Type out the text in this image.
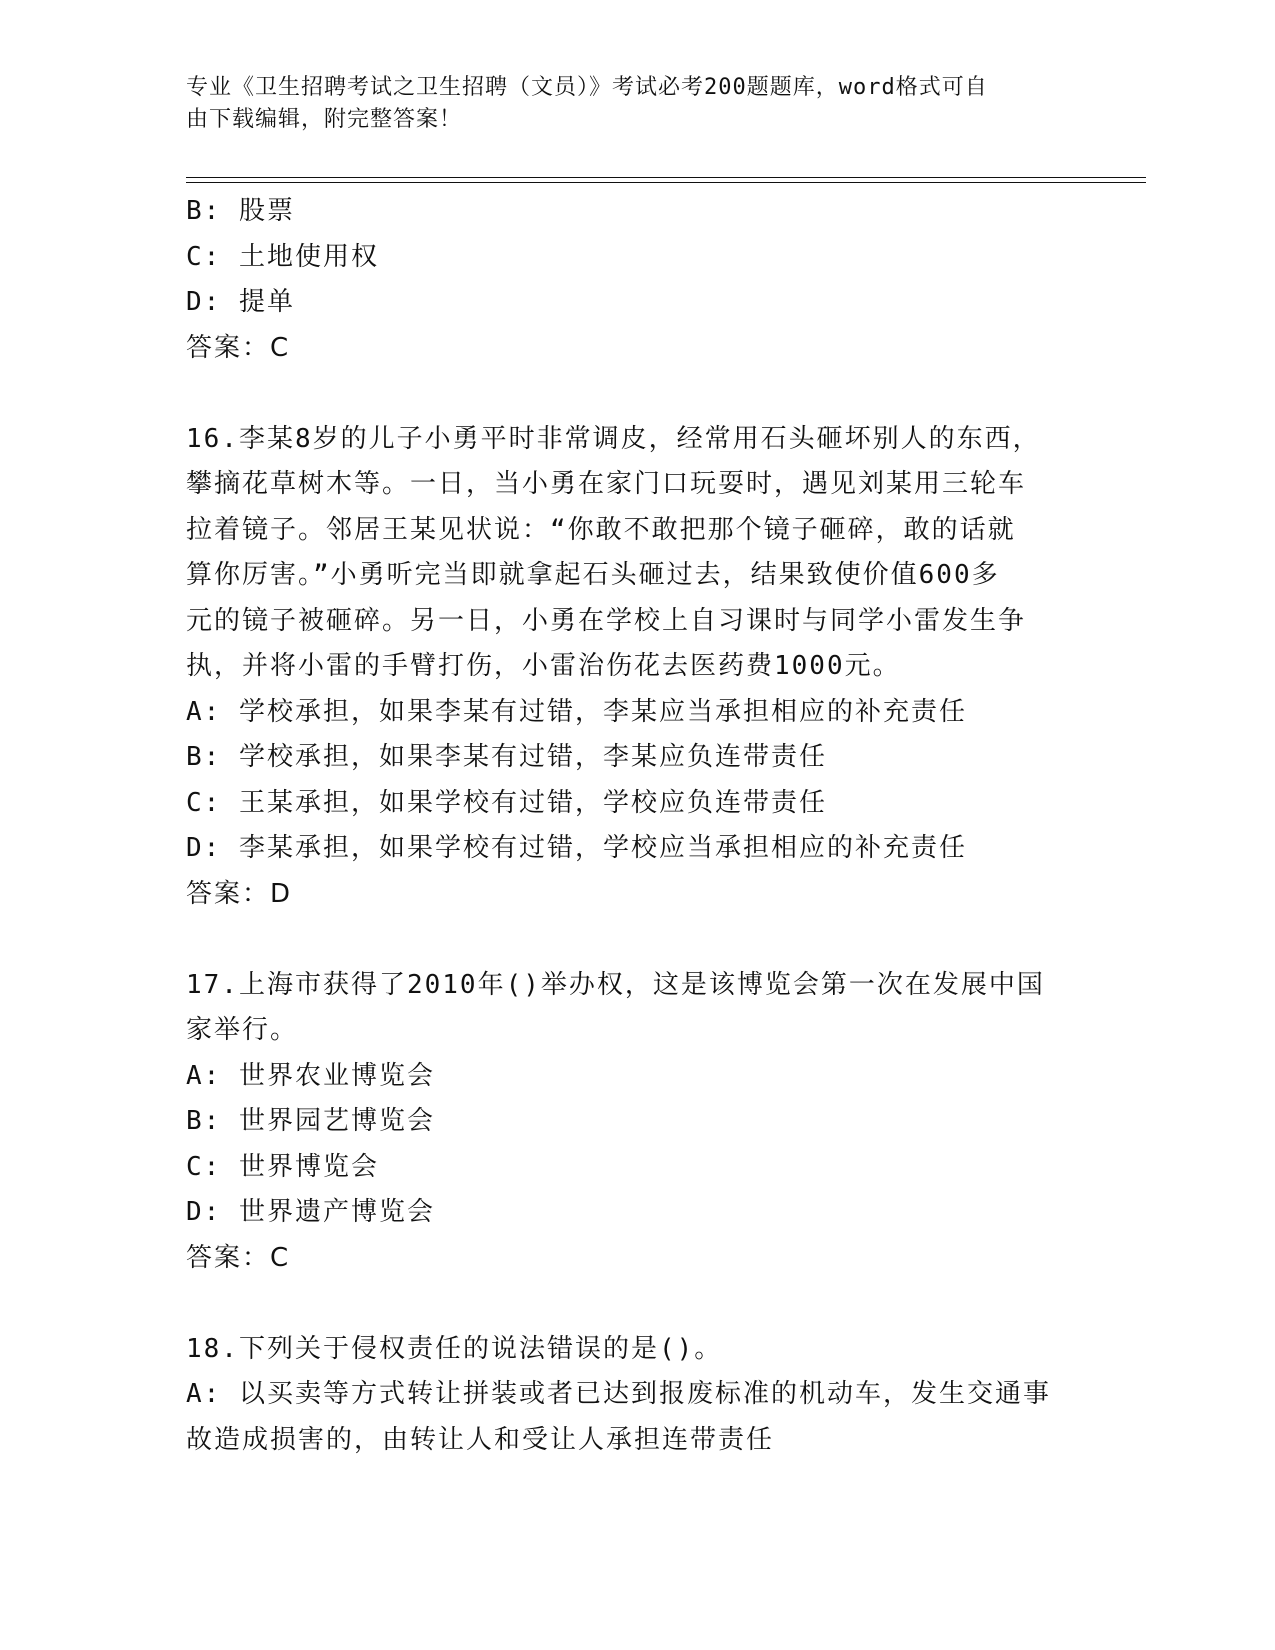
专业《卫生招聘考试之卫生招聘（文员）》考试必考200题题库，word格式可自
由下载编辑，附完整答案！
B: 股票
C: 土地使用权
D: 提单
答案：C
16.李某8岁的儿子小勇平时非常调皮，经常用石头砸坏别人的东西，
攀摘花草树木等。一日，当小勇在家门口玩耍时，遇见刘某用三轮车
拉着镜子。邻居王某见状说：“你敢不敢把那个镜子砸碎，敢的话就
算你厉害。”小勇听完当即就拿起石头砸过去，结果致使价值600多
元的镜子被砸碎。另一日，小勇在学校上自习课时与同学小雷发生争
执，并将小雷的手臂打伤，小雷治伤花去医药费1000元。
A: 学校承担，如果李某有过错，李某应当承担相应的补充责任
B: 学校承担，如果李某有过错，李某应负连带责任
C: 王某承担，如果学校有过错，学校应负连带责任
D: 李某承担，如果学校有过错，学校应当承担相应的补充责任
答案：D
17.上海市获得了2010年()举办权，这是该博览会第一次在发展中国
家举行。
A: 世界农业博览会
B: 世界园艺博览会
C: 世界博览会
D: 世界遗产博览会
答案：C
18.下列关于侵权责任的说法错误的是()。
A: 以买卖等方式转让拼装或者已达到报废标准的机动车，发生交通事
故造成损害的，由转让人和受让人承担连带责任
